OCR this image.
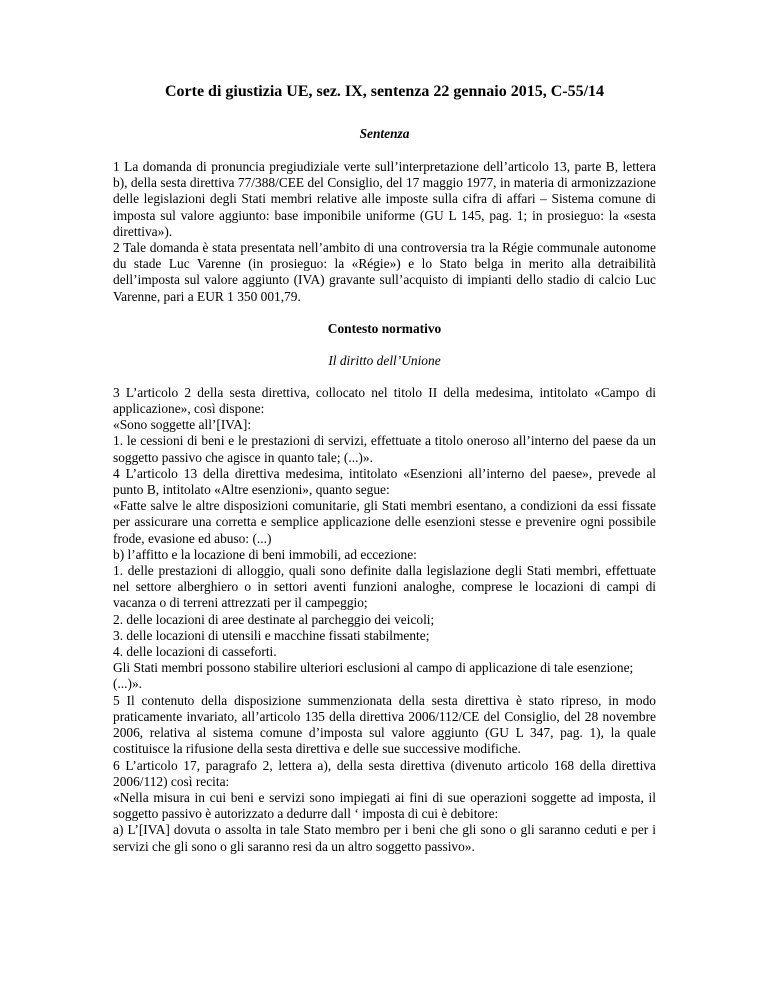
Corte di giustizia UE, sez. IX, sentenza 22 gennaio 2015, C-55/14

Sentenza

1 La domanda di pronuncia pregiudiziale verte sull’interpretazione dell’articolo 13, parte B, lettera b), della sesta direttiva 77/388/CEE del Consiglio, del 17 maggio 1977, in materia di armonizzazione delle legislazioni degli Stati membri relative alle imposte sulla cifra di affari – Sistema comune di imposta sul valore aggiunto: base imponibile uniforme (GU L 145, pag. 1; in prosieguo: la «sesta direttiva»).

2 Tale domanda è stata presentata nell’ambito di una controversia tra la Régie communale autonome du stade Luc Varenne (in prosieguo: la «Régie») e lo Stato belga in merito alla detraibilità dell’imposta sul valore aggiunto (IVA) gravante sull’acquisto di impianti dello stadio di calcio Luc Varenne, pari a EUR 1 350 001,79.

Contesto normativo

Il diritto dell’Unione

3 L’articolo 2 della sesta direttiva, collocato nel titolo II della medesima, intitolato «Campo di applicazione», così dispone:

«Sono soggette all’[IVA]:

1. le cessioni di beni e le prestazioni di servizi, effettuate a titolo oneroso all’interno del paese da un soggetto passivo che agisce in quanto tale; (...)».

4 L’articolo 13 della direttiva medesima, intitolato «Esenzioni all’interno del paese», prevede al punto B, intitolato «Altre esenzioni», quanto segue:

«Fatte salve le altre disposizioni comunitarie, gli Stati membri esentano, a condizioni da essi fissate per assicurare una corretta e semplice applicazione delle esenzioni stesse e prevenire ogni possibile frode, evasione ed abuso: (...)

b) l’affitto e la locazione di beni immobili, ad eccezione:

1. delle prestazioni di alloggio, quali sono definite dalla legislazione degli Stati membri, effettuate nel settore alberghiero o in settori aventi funzioni analoghe, comprese le locazioni di campi di vacanza o di terreni attrezzati per il campeggio;

2. delle locazioni di aree destinate al parcheggio dei veicoli;

3. delle locazioni di utensili e macchine fissati stabilmente;

4. delle locazioni di casseforti.

Gli Stati membri possono stabilire ulteriori esclusioni al campo di applicazione di tale esenzione;

(...)».

5 Il contenuto della disposizione summenzionata della sesta direttiva è stato ripreso, in modo praticamente invariato, all’articolo 135 della direttiva 2006/112/CE del Consiglio, del 28 novembre 2006, relativa al sistema comune d’imposta sul valore aggiunto (GU L 347, pag. 1), la quale costituisce la rifusione della sesta direttiva e delle sue successive modifiche.

6 L’articolo 17, paragrafo 2, lettera a), della sesta direttiva (divenuto articolo 168 della direttiva 2006/112) così recita:

«Nella misura in cui beni e servizi sono impiegati ai fini di sue operazioni soggette ad imposta, il soggetto passivo è autorizzato a dedurre dall ‘ imposta di cui è debitore:

a) L’[IVA] dovuta o assolta in tale Stato membro per i beni che gli sono o gli saranno ceduti e per i servizi che gli sono o gli saranno resi da un altro soggetto passivo».
